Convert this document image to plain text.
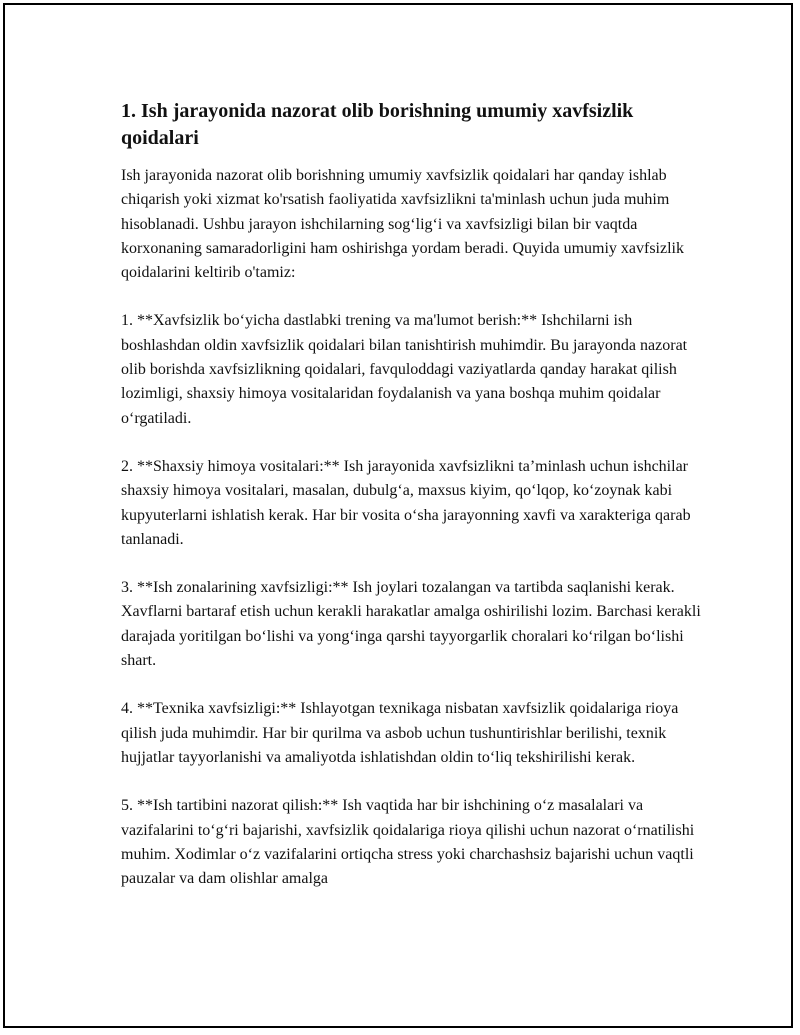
1. Ish jarayonida nazorat olib borishning umumiy xavfsizlik qoidalari

Ish jarayonida nazorat olib borishning umumiy xavfsizlik qoidalari har qanday ishlab chiqarish yoki xizmat ko'rsatish faoliyatida xavfsizlikni ta'minlash uchun juda muhim hisoblanadi. Ushbu jarayon ishchilarning sog‘lig‘i va xavfsizligi bilan bir vaqtda korxonaning samaradorligini ham oshirishga yordam beradi. Quyida umumiy xavfsizlik qoidalarini keltirib o'tamiz:

1. **Xavfsizlik bo‘yicha dastlabki trening va ma'lumot berish:** Ishchilarni ish boshlashdan oldin xavfsizlik qoidalari bilan tanishtirish muhimdir. Bu jarayonda nazorat olib borishda xavfsizlikning qoidalari, favquloddagi vaziyatlarda qanday harakat qilish lozimligi, shaxsiy himoya vositalaridan foydalanish va yana boshqa muhim qoidalar o‘rgatiladi.

2. **Shaxsiy himoya vositalari:** Ish jarayonida xavfsizlikni ta’minlash uchun ishchilar shaxsiy himoya vositalari, masalan, dubulg‘a, maxsus kiyim, qo‘lqop, ko‘zoynak kabi kupyuterlarni ishlatish kerak. Har bir vosita o‘sha jarayonning xavfi va xarakteriga qarab tanlanadi.

3. **Ish zonalarining xavfsizligi:** Ish joylari tozalangan va tartibda saqlanishi kerak. Xavflarni bartaraf etish uchun kerakli harakatlar amalga oshirilishi lozim. Barchasi kerakli darajada yoritilgan bo‘lishi va yong‘inga qarshi tayyorgarlik choralari ko‘rilgan bo‘lishi shart.

4. **Texnika xavfsizligi:** Ishlayotgan texnikaga nisbatan xavfsizlik qoidalariga rioya qilish juda muhimdir. Har bir qurilma va asbob uchun tushuntirishlar berilishi, texnik hujjatlar tayyorlanishi va amaliyotda ishlatishdan oldin to‘liq tekshirilishi kerak.

5. **Ish tartibini nazorat qilish:** Ish vaqtida har bir ishchining o‘z masalalari va vazifalarini to‘g‘ri bajarishi, xavfsizlik qoidalariga rioya qilishi uchun nazorat o‘rnatilishi muhim. Xodimlar o‘z vazifalarini ortiqcha stress yoki charchashsiz bajarishi uchun vaqtli pauzalar va dam olishlar amalga
